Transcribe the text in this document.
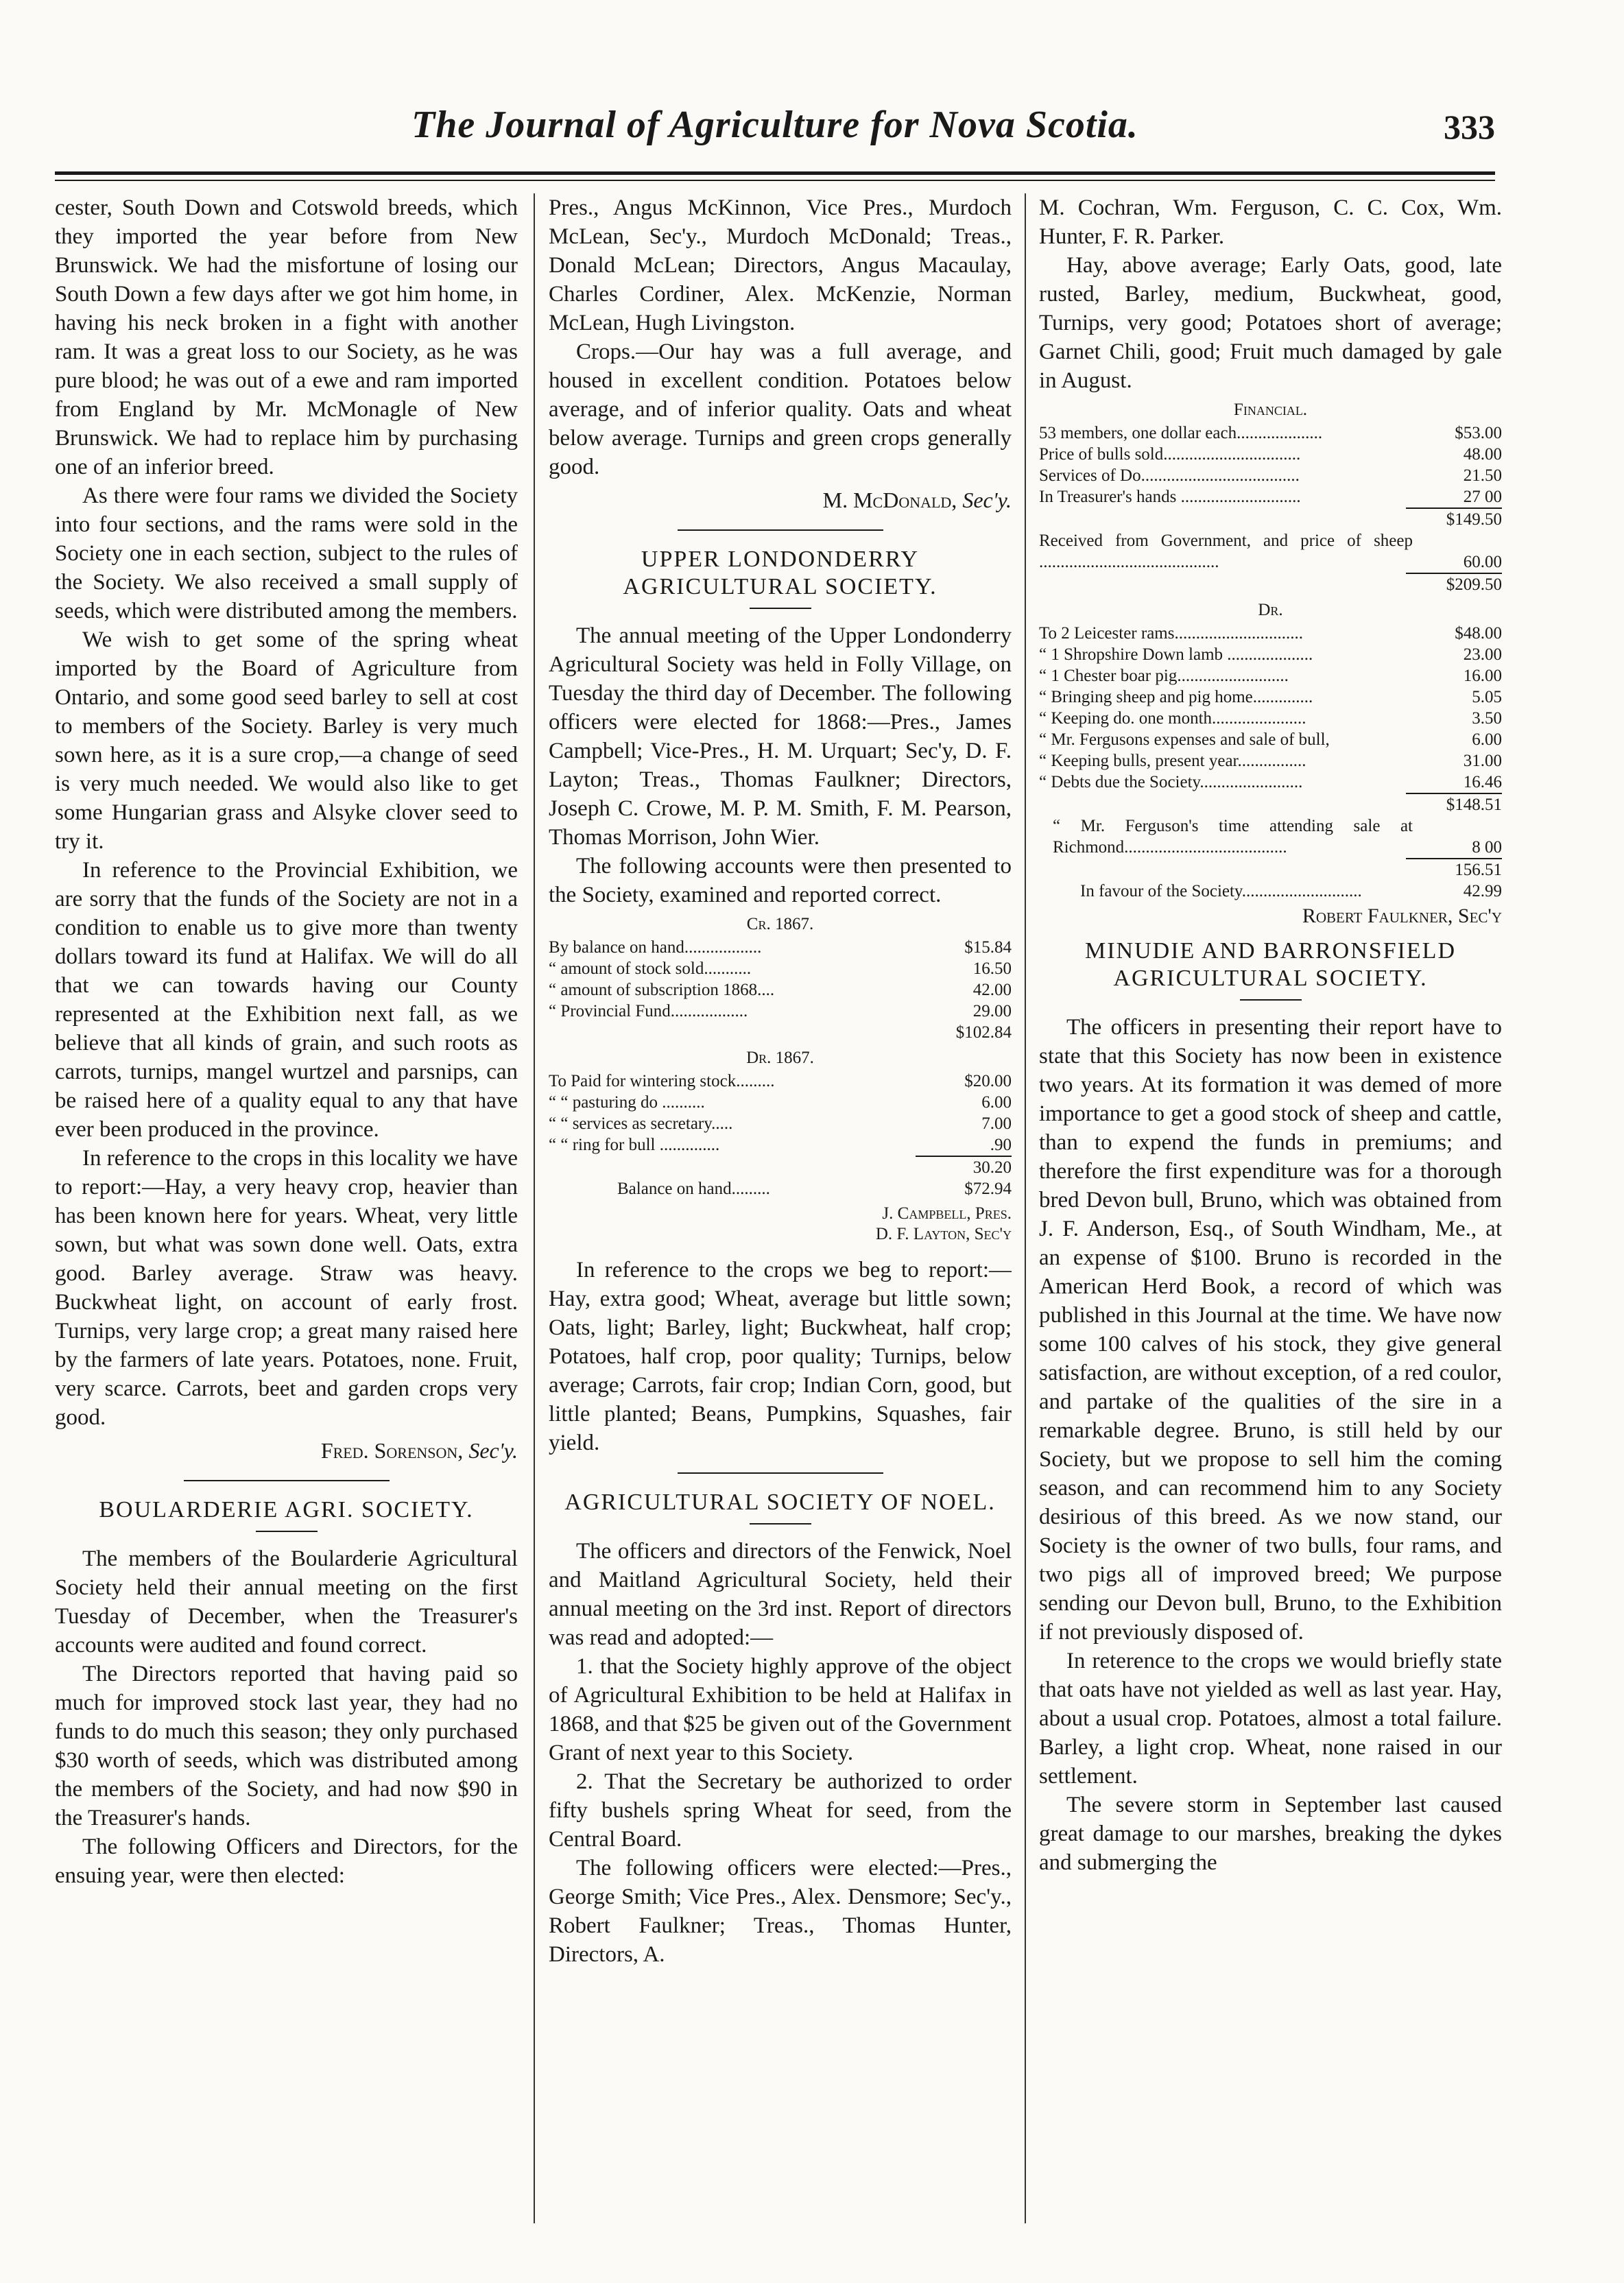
The Journal of Agriculture for Nova Scotia.	333

cester, South Down and Cotswold breeds, which they imported the year before from New Brunswick. We had the misfortune of losing our South Down a few days after we got him home, in having his neck broken in a fight with another ram. It was a great loss to our Society, as he was pure blood; he was out of a ewe and ram imported from England by Mr. McMonagle of New Brunswick. We had to replace him by purchasing one of an inferior breed.

As there were four rams we divided the Society into four sections, and the rams were sold in the Society one in each section, subject to the rules of the Society. We also received a small supply of seeds, which were distributed among the members.

We wish to get some of the spring wheat imported by the Board of Agriculture from Ontario, and some good seed barley to sell at cost to members of the Society. Barley is very much sown here, as it is a sure crop,—a change of seed is very much needed. We would also like to get some Hungarian grass and Alsyke clover seed to try it.

In reference to the Provincial Exhibition, we are sorry that the funds of the Society are not in a condition to enable us to give more than twenty dollars toward its fund at Halifax. We will do all that we can towards having our County represented at the Exhibition next fall, as we believe that all kinds of grain, and such roots as carrots, turnips, mangel wurtzel and parsnips, can be raised here of a quality equal to any that have ever been produced in the province.

In reference to the crops in this locality we have to report:—Hay, a very heavy crop, heavier than has been known here for years. Wheat, very little sown, but what was sown done well. Oats, extra good. Barley average. Straw was heavy. Buckwheat light, on account of early frost. Turnips, very large crop; a great many raised here by the farmers of late years. Potatoes, none. Fruit, very scarce. Carrots, beet and garden crops very good.

Fred. Sorenson, Sec'y.
BOULARDERIE AGRI. SOCIETY.

The members of the Boularderie Agricultural Society held their annual meeting on the first Tuesday of December, when the Treasurer's accounts were audited and found correct.

The Directors reported that having paid so much for improved stock last year, they had no funds to do much this season; they only purchased $30 worth of seeds, which was distributed among the members of the Society, and had now $90 in the Treasurer's hands.

The following Officers and Directors, for the ensuing year, were then elected:

Pres., Angus McKinnon, Vice Pres., Murdoch McLean, Sec'y., Murdoch McDonald; Treas., Donald McLean; Directors, Angus Macaulay, Charles Cordiner, Alex. McKenzie, Norman McLean, Hugh Livingston.

Crops.—Our hay was a full average, and housed in excellent condition. Potatoes below average, and of inferior quality. Oats and wheat below average. Turnips and green crops generally good.

M. McDonald, Sec'y.
UPPER LONDONDERRY AGRICULTURAL SOCIETY.

The annual meeting of the Upper Londonderry Agricultural Society was held in Folly Village, on Tuesday the third day of December. The following officers were elected for 1868:—Pres., James Campbell; Vice-Pres., H. M. Urquart; Sec'y, D. F. Layton; Treas., Thomas Faulkner; Directors, Joseph C. Crowe, M. P. M. Smith, F. M. Pearson, Thomas Morrison, John Wier.

The following accounts were then presented to the Society, examined and reported correct.

Cr. 1867.
By balance on hand..................	$15.84
“ amount of stock sold...........	16.50
“ amount of subscription 1868....	42.00
“ Provincial Fund..................	29.00
$102.84
Dr. 1867.
To Paid for wintering stock.........	$20.00
“ “ pasturing do ..........	6.00
“ “ services as secretary.....	7.00
“ “ ring for bull ..............	.90
30.20
Balance on hand.........	$72.94
J. Campbell, Pres.
D. F. Layton, Sec'y

In reference to the crops we beg to report:—Hay, extra good; Wheat, average but little sown; Oats, light; Barley, light; Buckwheat, half crop; Potatoes, half crop, poor quality; Turnips, below average; Carrots, fair crop; Indian Corn, good, but little planted; Beans, Pumpkins, Squashes, fair yield.

AGRICULTURAL SOCIETY OF NOEL.

The officers and directors of the Fenwick, Noel and Maitland Agricultural Society, held their annual meeting on the 3rd inst. Report of directors was read and adopted:—

1. that the Society highly approve of the object of Agricultural Exhibition to be held at Halifax in 1868, and that $25 be given out of the Government Grant of next year to this Society.

2. That the Secretary be authorized to order fifty bushels spring Wheat for seed, from the Central Board.

The following officers were elected:—Pres., George Smith; Vice Pres., Alex. Densmore; Sec'y., Robert Faulkner; Treas., Thomas Hunter, Directors, A.

M. Cochran, Wm. Ferguson, C. C. Cox, Wm. Hunter, F. R. Parker.

Hay, above average; Early Oats, good, late rusted, Barley, medium, Buckwheat, good, Turnips, very good; Potatoes short of average; Garnet Chili, good; Fruit much damaged by gale in August.

Financial.
53 members, one dollar each....................	$53.00
Price of bulls sold................................	48.00
Services of Do.....................................	21.50
In Treasurer's hands ............................	27 00
$149.50
Received from Government, and price of sheep ..........................................	60.00
$209.50
Dr.
To 2 Leicester rams..............................	$48.00
“ 1 Shropshire Down lamb ....................	23.00
“ 1 Chester boar pig..........................	16.00
“ Bringing sheep and pig home..............	5.05
“ Keeping do. one month......................	3.50
“ Mr. Fergusons expenses and sale of bull,	6.00
“ Keeping bulls, present year................	31.00
“ Debts due the Society........................	16.46
$148.51
“ Mr. Ferguson's time attending sale at Richmond......................................	8 00
156.51
In favour of the Society............................	42.99
Robert Faulkner, Sec'y
MINUDIE AND BARRONSFIELD AGRICULTURAL SOCIETY.

The officers in presenting their report have to state that this Society has now been in existence two years. At its formation it was demed of more importance to get a good stock of sheep and cattle, than to expend the funds in premiums; and therefore the first expenditure was for a thorough bred Devon bull, Bruno, which was obtained from J. F. Anderson, Esq., of South Windham, Me., at an expense of $100. Bruno is recorded in the American Herd Book, a record of which was published in this Journal at the time. We have now some 100 calves of his stock, they give general satisfaction, are without exception, of a red coulor, and partake of the qualities of the sire in a remarkable degree. Bruno, is still held by our Society, but we propose to sell him the coming season, and can recommend him to any Society desirious of this breed. As we now stand, our Society is the owner of two bulls, four rams, and two pigs all of improved breed; We purpose sending our Devon bull, Bruno, to the Exhibition if not previously disposed of.

In reterence to the crops we would briefly state that oats have not yielded as well as last year. Hay, about a usual crop. Potatoes, almost a total failure. Barley, a light crop. Wheat, none raised in our settlement.

The severe storm in September last caused great damage to our marshes, breaking the dykes and submerging the
